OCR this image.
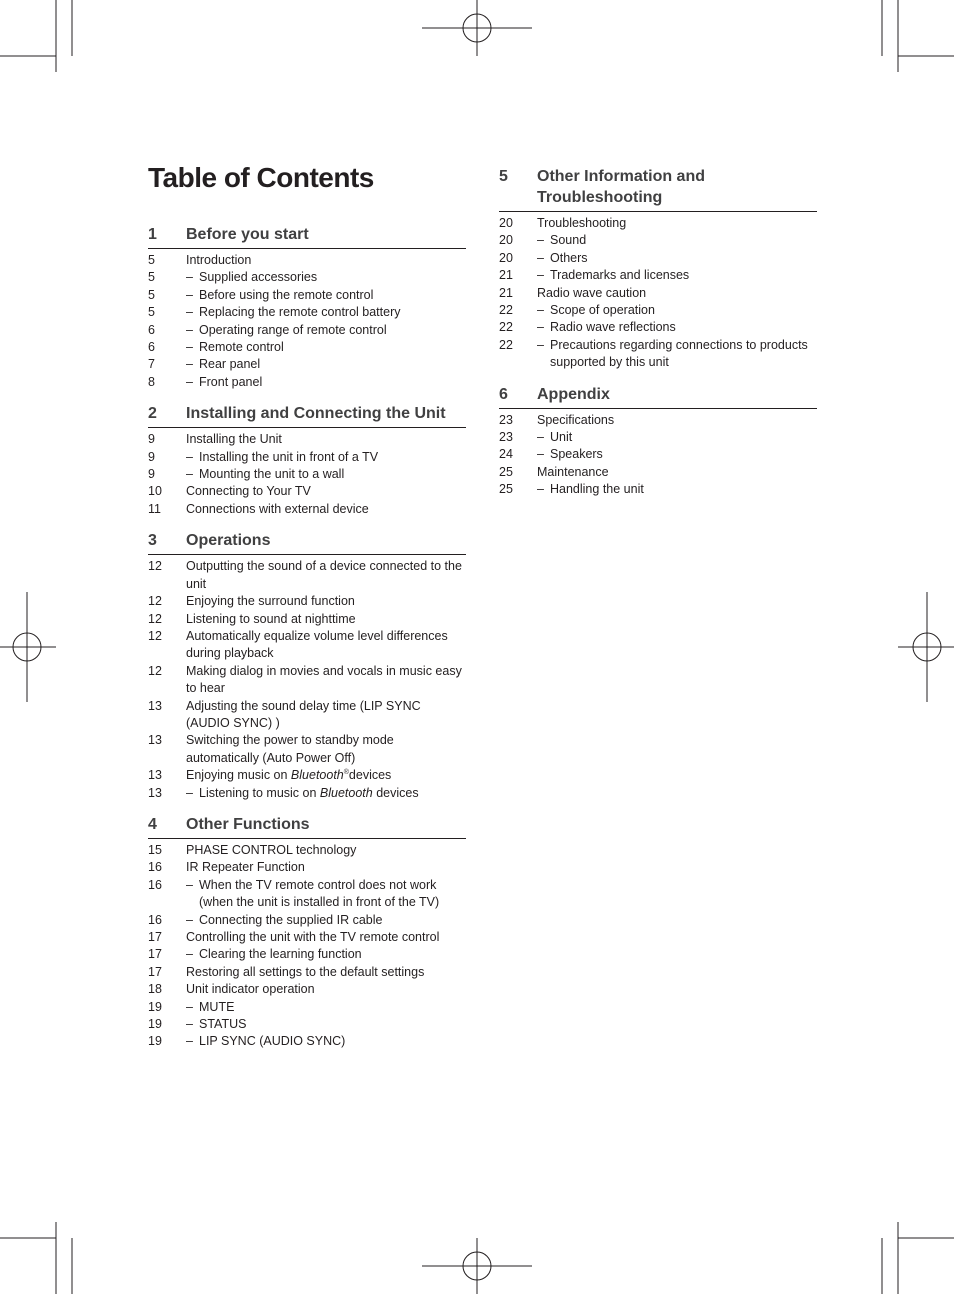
Table of Contents
1	Before you start
5	Introduction
5	– Supplied accessories
5	– Before using the remote control
5	– Replacing the remote control battery
6	– Operating range of remote control
6	– Remote control
7	– Rear panel
8	– Front panel
2	Installing and Connecting the Unit
9	Installing the Unit
9	– Installing the unit in front of a TV
9	– Mounting the unit to a wall
10	Connecting to Your TV
11	Connections with external device
3	Operations
12	Outputting the sound of a device connected to the unit
12	Enjoying the surround function
12	Listening to sound at nighttime
12	Automatically equalize volume level differences during playback
12	Making dialog in movies and vocals in music easy to hear
13	Adjusting the sound delay time (LIP SYNC (AUDIO SYNC) )
13	Switching the power to standby mode automatically (Auto Power Off)
13	Enjoying music on Bluetooth®devices
13	– Listening to music on Bluetooth devices
4	Other Functions
15	PHASE CONTROL technology
16	IR Repeater Function
16	– When the TV remote control does not work (when the unit is installed in front of the TV)
16	– Connecting the supplied IR cable
17	Controlling the unit with the TV remote control
17	– Clearing the learning function
17	Restoring all settings to the default settings
18	Unit indicator operation
19	– MUTE
19	– STATUS
19	– LIP SYNC (AUDIO SYNC)
5	Other Information and Troubleshooting
20	Troubleshooting
20	– Sound
20	– Others
21	– Trademarks and licenses
21	Radio wave caution
22	– Scope of operation
22	– Radio wave reflections
22	– Precautions regarding connections to products supported by this unit
6	Appendix
23	Specifications
23	– Unit
24	– Speakers
25	Maintenance
25	– Handling the unit
